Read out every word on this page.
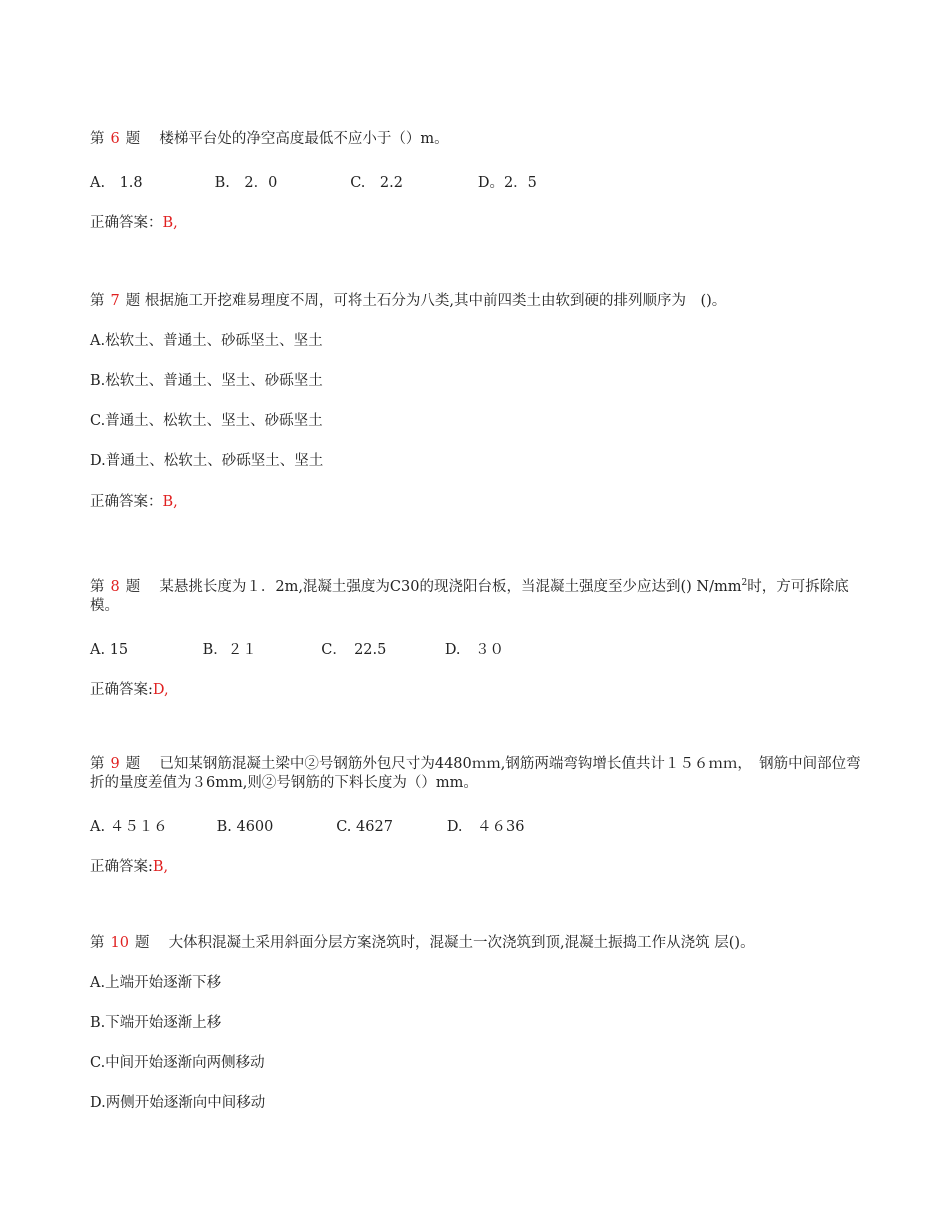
第 6 题　 楼梯平台处的净空高度最低不应小于（）m。

A.　1.8	B.　2．0	C.　2.2	D。2．5
正确答案：B,

第 7 题 根据施工开挖难易理度不周，可将土石分为八类,其中前四类土由软到硬的排列顺序为　()。

A.松软土、普通土、砂砾坚土、坚土
B.松软土、普通土、坚土、砂砾坚土
C.普通土、松软土、坚土、砂砾坚土
D.普通土、松软土、砂砾坚土、坚土
正确答案：B,

第 8 题　 某悬挑长度为１．2m,混凝土强度为C30的现浇阳台板，当混凝土强度至少应达到() $N/mm^2$时，方可拆除底模。

A. 15	B．２１	C．　22.5	D.　３０
正确答案:D,

第 9 题　 已知某钢筋混凝土梁中②号钢筋外包尺寸为4480ｍｍ,钢筋两端弯钩增长值共计１５６ｍｍ，　钢筋中间部位弯折的量度差值为３6mm,则②号钢筋的下料长度为（）mm。

A. ４５１６	B. 4600	C. 4627	D.　４６36
正确答案:B,

第 10 题　 大体积混凝土采用斜面分层方案浇筑时，混凝土一次浇筑到顶,混凝土振捣工作从浇筑 层()。

A.上端开始逐渐下移
B.下端开始逐渐上移
C.中间开始逐渐向两侧移动
D.两侧开始逐渐向中间移动
